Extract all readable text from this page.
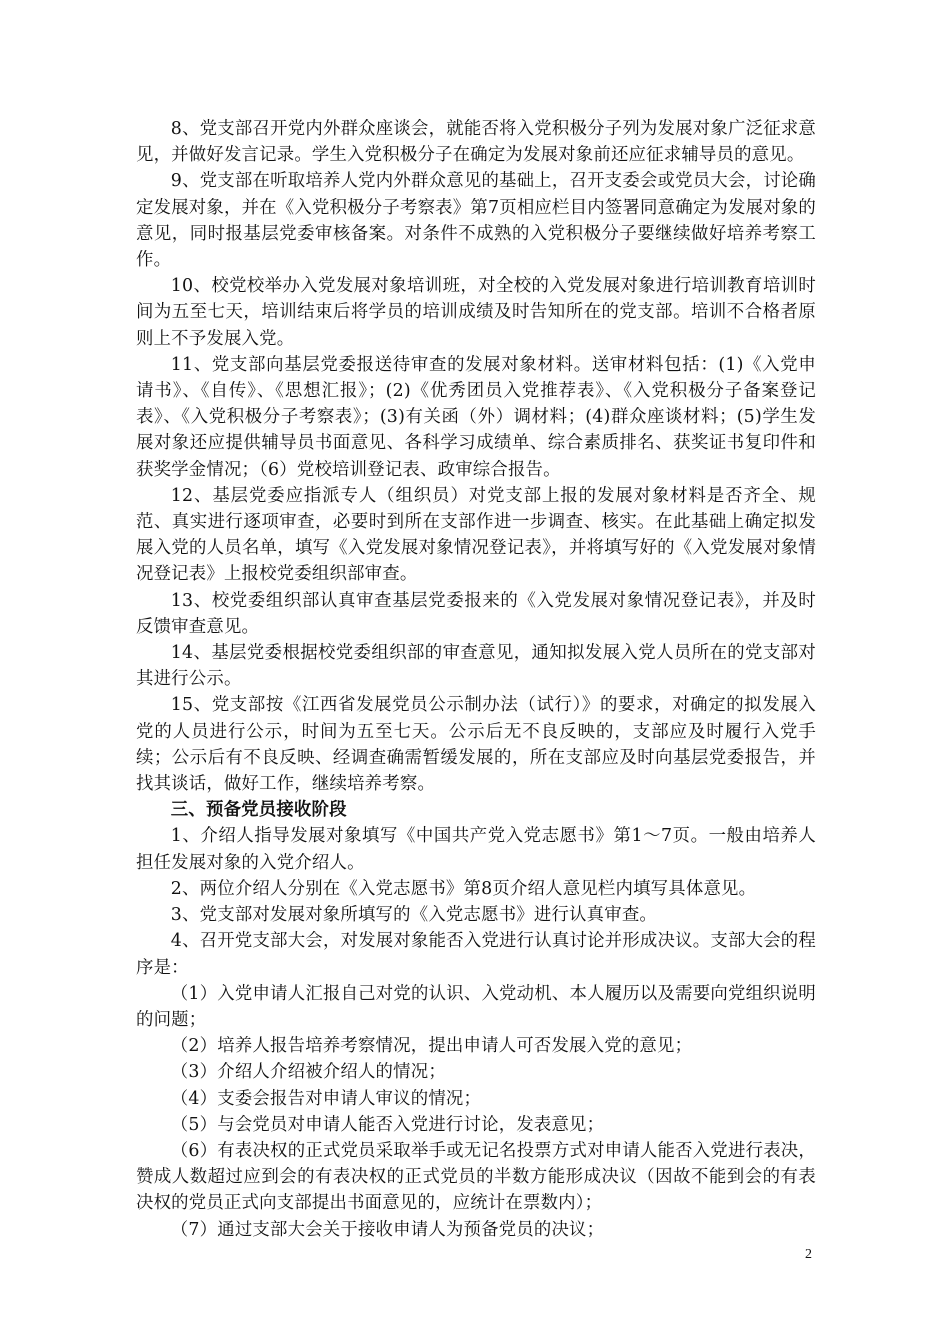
8、党支部召开党内外群众座谈会，就能否将入党积极分子列为发展对象广泛征求意见，并做好发言记录。学生入党积极分子在确定为发展对象前还应征求辅导员的意见。

9、党支部在听取培养人党内外群众意见的基础上，召开支委会或党员大会，讨论确定发展对象，并在《入党积极分子考察表》第7页相应栏目内签署同意确定为发展对象的意见，同时报基层党委审核备案。对条件不成熟的入党积极分子要继续做好培养考察工作。

10、校党校举办入党发展对象培训班，对全校的入党发展对象进行培训教育培训时间为五至七天，培训结束后将学员的培训成绩及时告知所在的党支部。培训不合格者原则上不予发展入党。

11、党支部向基层党委报送待审查的发展对象材料。送审材料包括：(1)《入党申请书》、《自传》、《思想汇报》；(2)《优秀团员入党推荐表》、《入党积极分子备案登记表》、《入党积极分子考察表》；(3)有关函（外）调材料；(4)群众座谈材料；(5)学生发展对象还应提供辅导员书面意见、各科学习成绩单、综合素质排名、获奖证书复印件和获奖学金情况；（6）党校培训登记表、政审综合报告。

12、基层党委应指派专人（组织员）对党支部上报的发展对象材料是否齐全、规范、真实进行逐项审查，必要时到所在支部作进一步调查、核实。在此基础上确定拟发展入党的人员名单，填写《入党发展对象情况登记表》，并将填写好的《入党发展对象情况登记表》上报校党委组织部审查。

13、校党委组织部认真审查基层党委报来的《入党发展对象情况登记表》，并及时反馈审查意见。

14、基层党委根据校党委组织部的审查意见，通知拟发展入党人员所在的党支部对其进行公示。

15、党支部按《江西省发展党员公示制办法（试行）》的要求，对确定的拟发展入党的人员进行公示，时间为五至七天。公示后无不良反映的，支部应及时履行入党手续；公示后有不良反映、经调查确需暂缓发展的，所在支部应及时向基层党委报告，并找其谈话，做好工作，继续培养考察。

三、预备党员接收阶段

1、介绍人指导发展对象填写《中国共产党入党志愿书》第1～7页。一般由培养人担任发展对象的入党介绍人。

2、两位介绍人分别在《入党志愿书》第8页介绍人意见栏内填写具体意见。

3、党支部对发展对象所填写的《入党志愿书》进行认真审查。

4、召开党支部大会，对发展对象能否入党进行认真讨论并形成决议。支部大会的程序是：

（1）入党申请人汇报自己对党的认识、入党动机、本人履历以及需要向党组织说明的问题；

（2）培养人报告培养考察情况，提出申请人可否发展入党的意见；

（3）介绍人介绍被介绍人的情况；

（4）支委会报告对申请人审议的情况；

（5）与会党员对申请人能否入党进行讨论，发表意见；

（6）有表决权的正式党员采取举手或无记名投票方式对申请人能否入党进行表决，赞成人数超过应到会的有表决权的正式党员的半数方能形成决议（因故不能到会的有表决权的党员正式向支部提出书面意见的，应统计在票数内）；

（7）通过支部大会关于接收申请人为预备党员的决议；

2
